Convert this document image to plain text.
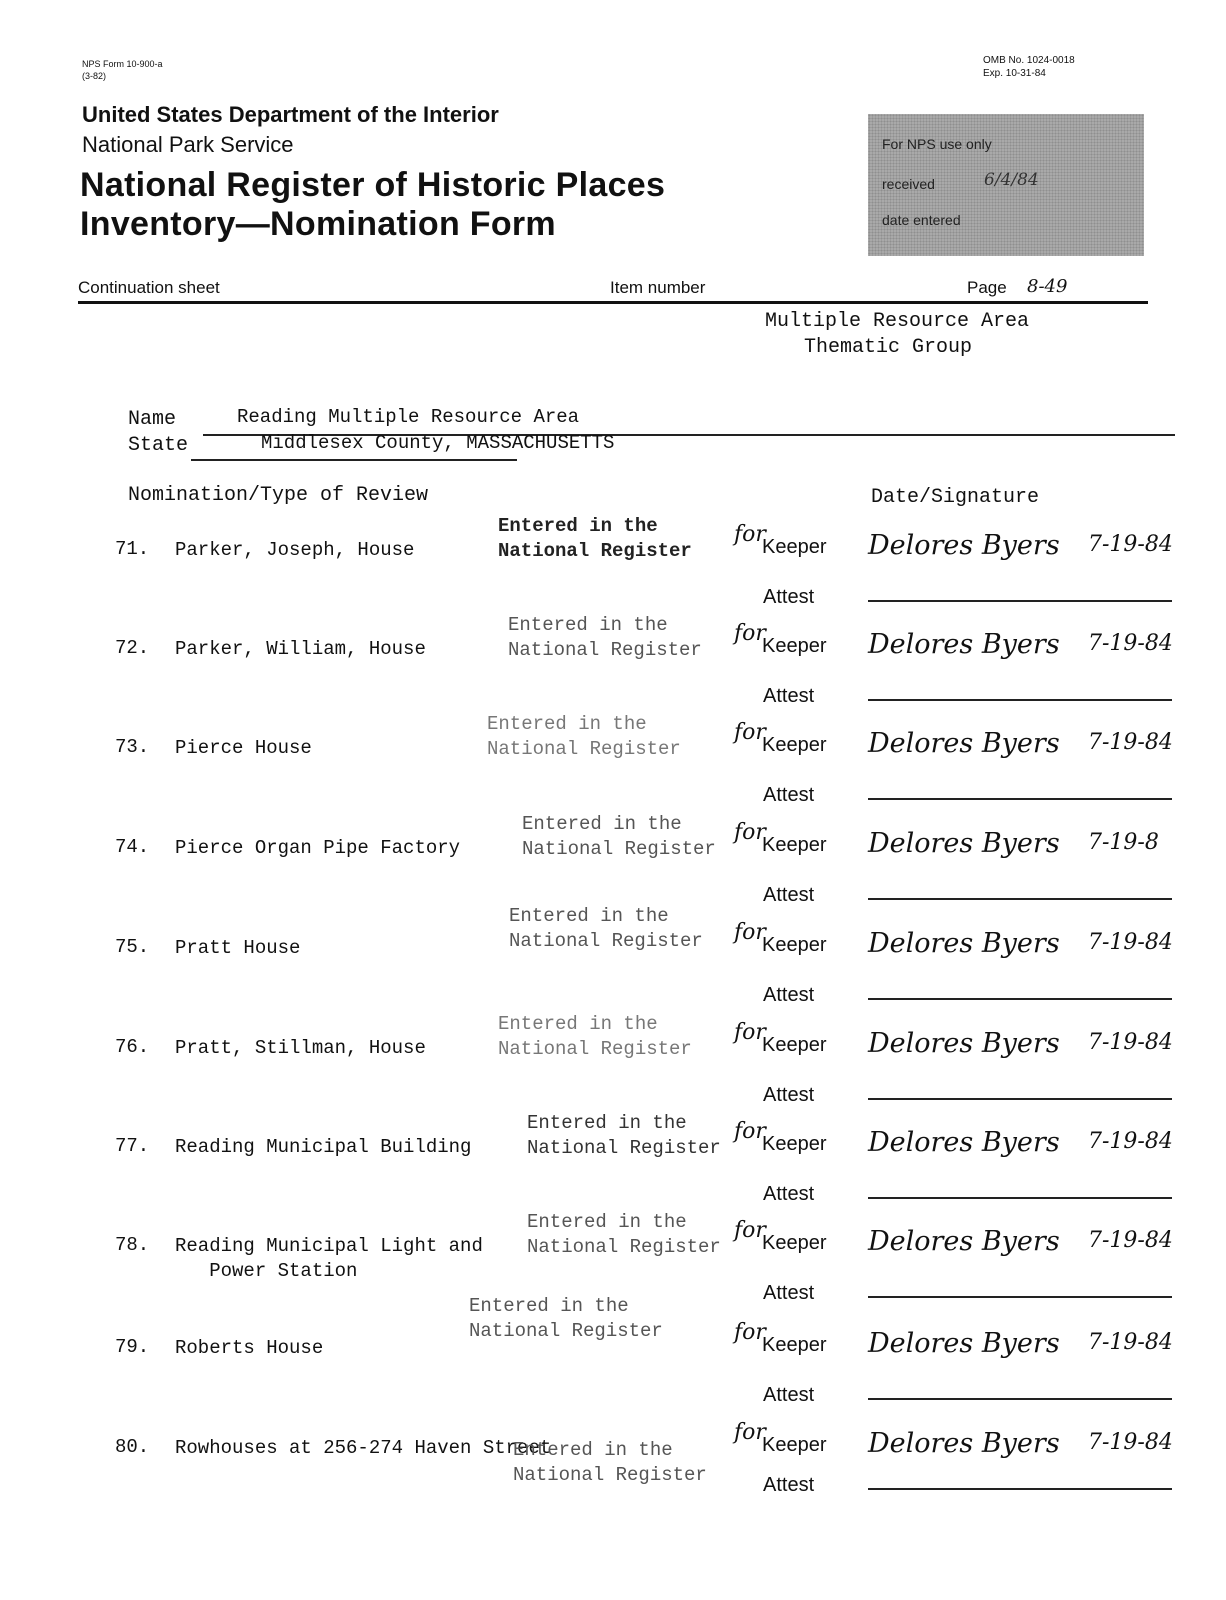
NPS Form 10-900-a
(3-82)
OMB No. 1024-0018
Exp. 10-31-84
United States Department of the Interior
National Park Service
National Register of Historic Places
Inventory—Nomination Form
For NPS use only
received	6/4/84
date entered
Continuation sheet	Item number	Page 8-49
Multiple Resource Area
Thematic Group
Name	Reading Multiple Resource Area
State	Middlesex County, MASSACHUSETTS
Nomination/Type of Review	Date/Signature
71. Parker, Joseph, House
Entered in the
National Register
for
Keeper Delores Byers 7-19-84
Attest
72. Parker, William, House
Entered in the
National Register
for
Keeper Delores Byers 7-19-84
Attest
73. Pierce House
Entered in the
National Register
for
Keeper Delores Byers 7-19-84
Attest
74. Pierce Organ Pipe Factory
Entered in the
National Register
for
Keeper Delores Byers 7-19-8
Attest
75. Pratt House
Entered in the
National Register for
Keeper Delores Byers 7-19-84
Attest
76. Pratt, Stillman, House
Entered in the
National Register
for
Keeper Delores Byers 7-19-84
Attest
77. Reading Municipal Building
Entered in the
National Register
for
Keeper Delores Byers 7-19-84
Attest
78. Reading Municipal Light and
Power Station
Entered in the
National Register
for
Keeper Delores Byers 7-19-84
Attest
79. Roberts House
Entered in the
National Register	for
Keeper Delores Byers 7-19-84
Attest
80. Rowhouses at 256-274 Haven Street
Entered in the
National Register
for
Keeper Delores Byers 7-19-84
Attest
